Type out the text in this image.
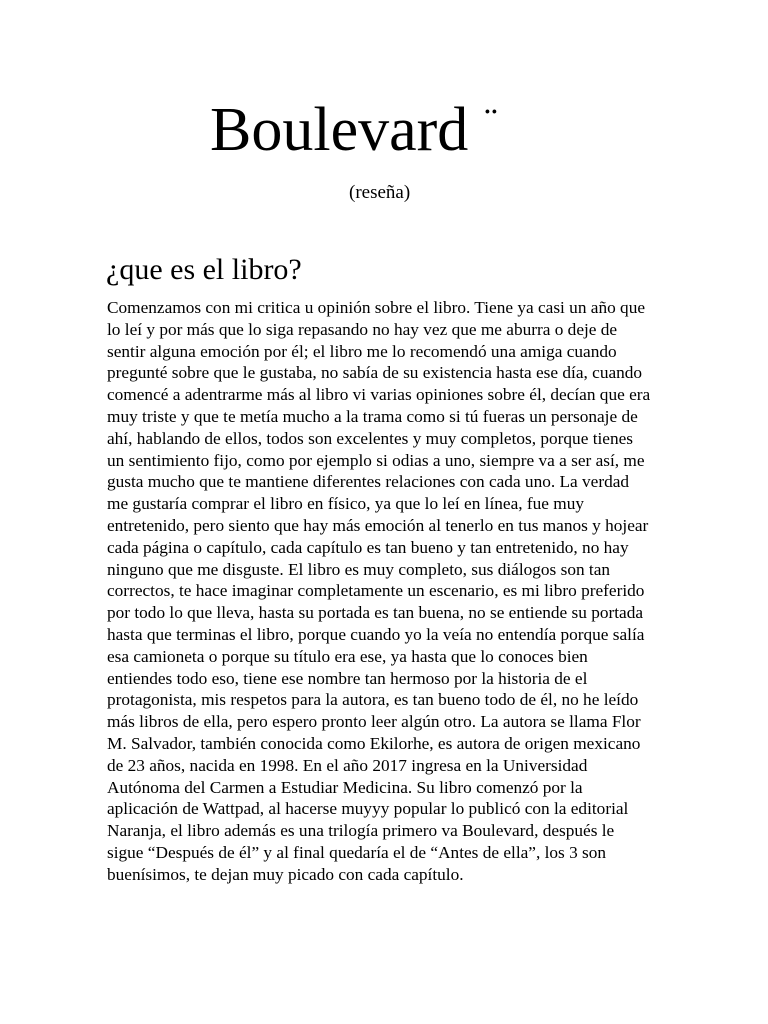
Boulevard ¨
(reseña)
¿que es el libro?
Comenzamos con mi critica u opinión sobre el libro. Tiene ya casi un año que
lo leí y por más que lo siga repasando no hay vez que me aburra o deje de
sentir alguna emoción por él; el libro me lo recomendó una amiga cuando
pregunté sobre que le gustaba, no sabía de su existencia hasta ese día, cuando
comencé a adentrarme más al libro vi varias opiniones sobre él, decían que era
muy triste y que te metía mucho a la trama como si tú fueras un personaje de
ahí, hablando de ellos, todos son excelentes y muy completos, porque tienes
un sentimiento fijo, como por ejemplo si odias a uno, siempre va a ser así, me
gusta mucho que te mantiene diferentes relaciones con cada uno. La verdad
me gustaría comprar el libro en físico, ya que lo leí en línea, fue muy
entretenido, pero siento que hay más emoción al tenerlo en tus manos y hojear
cada página o capítulo, cada capítulo es tan bueno y tan entretenido, no hay
ninguno que me disguste. El libro es muy completo, sus diálogos son tan
correctos, te hace imaginar completamente un escenario, es mi libro preferido
por todo lo que lleva, hasta su portada es tan buena, no se entiende su portada
hasta que terminas el libro, porque cuando yo la veía no entendía porque salía
esa camioneta o porque su título era ese, ya hasta que lo conoces bien
entiendes todo eso, tiene ese nombre tan hermoso por la historia de el
protagonista, mis respetos para la autora, es tan bueno todo de él, no he leído
más libros de ella, pero espero pronto leer algún otro. La autora se llama Flor
M. Salvador, también conocida como Ekilorhe, es autora de origen mexicano
de 23 años, nacida en 1998. En el año 2017 ingresa en la Universidad
Autónoma del Carmen a Estudiar Medicina. Su libro comenzó por la
aplicación de Wattpad, al hacerse muyyy popular lo publicó con la editorial
Naranja, el libro además es una trilogía primero va Boulevard, después le
sigue “Después de él” y al final quedaría el de “Antes de ella”, los 3 son
buenísimos, te dejan muy picado con cada capítulo.
